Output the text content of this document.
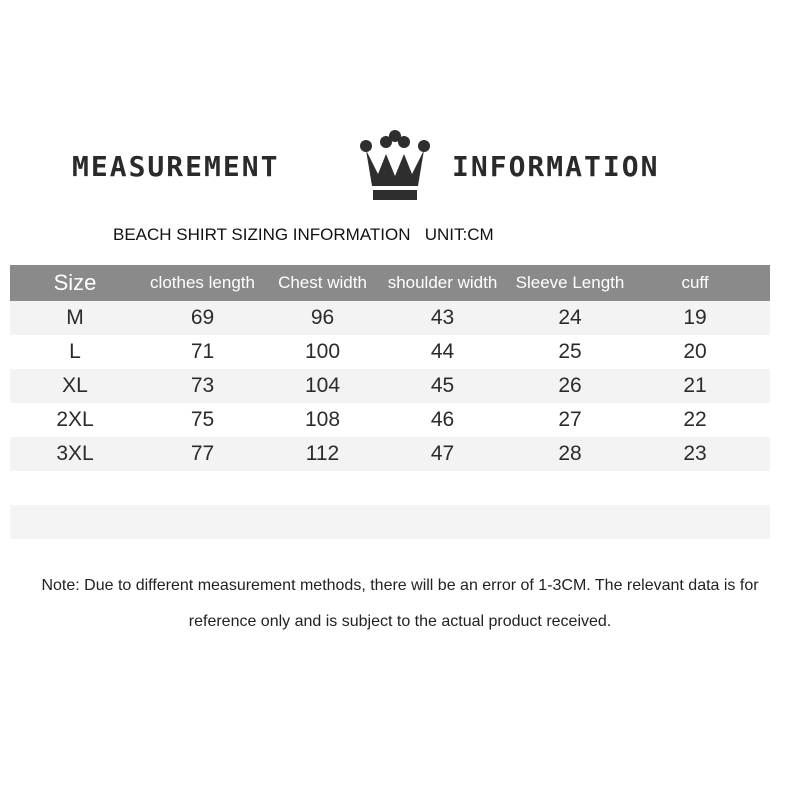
MEASUREMENT	INFORMATION
BEACH SHIRT SIZING INFORMATION   UNIT:CM
Size	clothes length	Chest width	shoulder width	Sleeve Length	cuff
M	69	96	43	24	19
L	71	100	44	25	20
XL	73	104	45	26	21
2XL	75	108	46	27	22
3XL	77	112	47	28	23
Note: Due to different measurement methods, there will be an error of 1-3CM. The relevant data is for
reference only and is subject to the actual product received.
